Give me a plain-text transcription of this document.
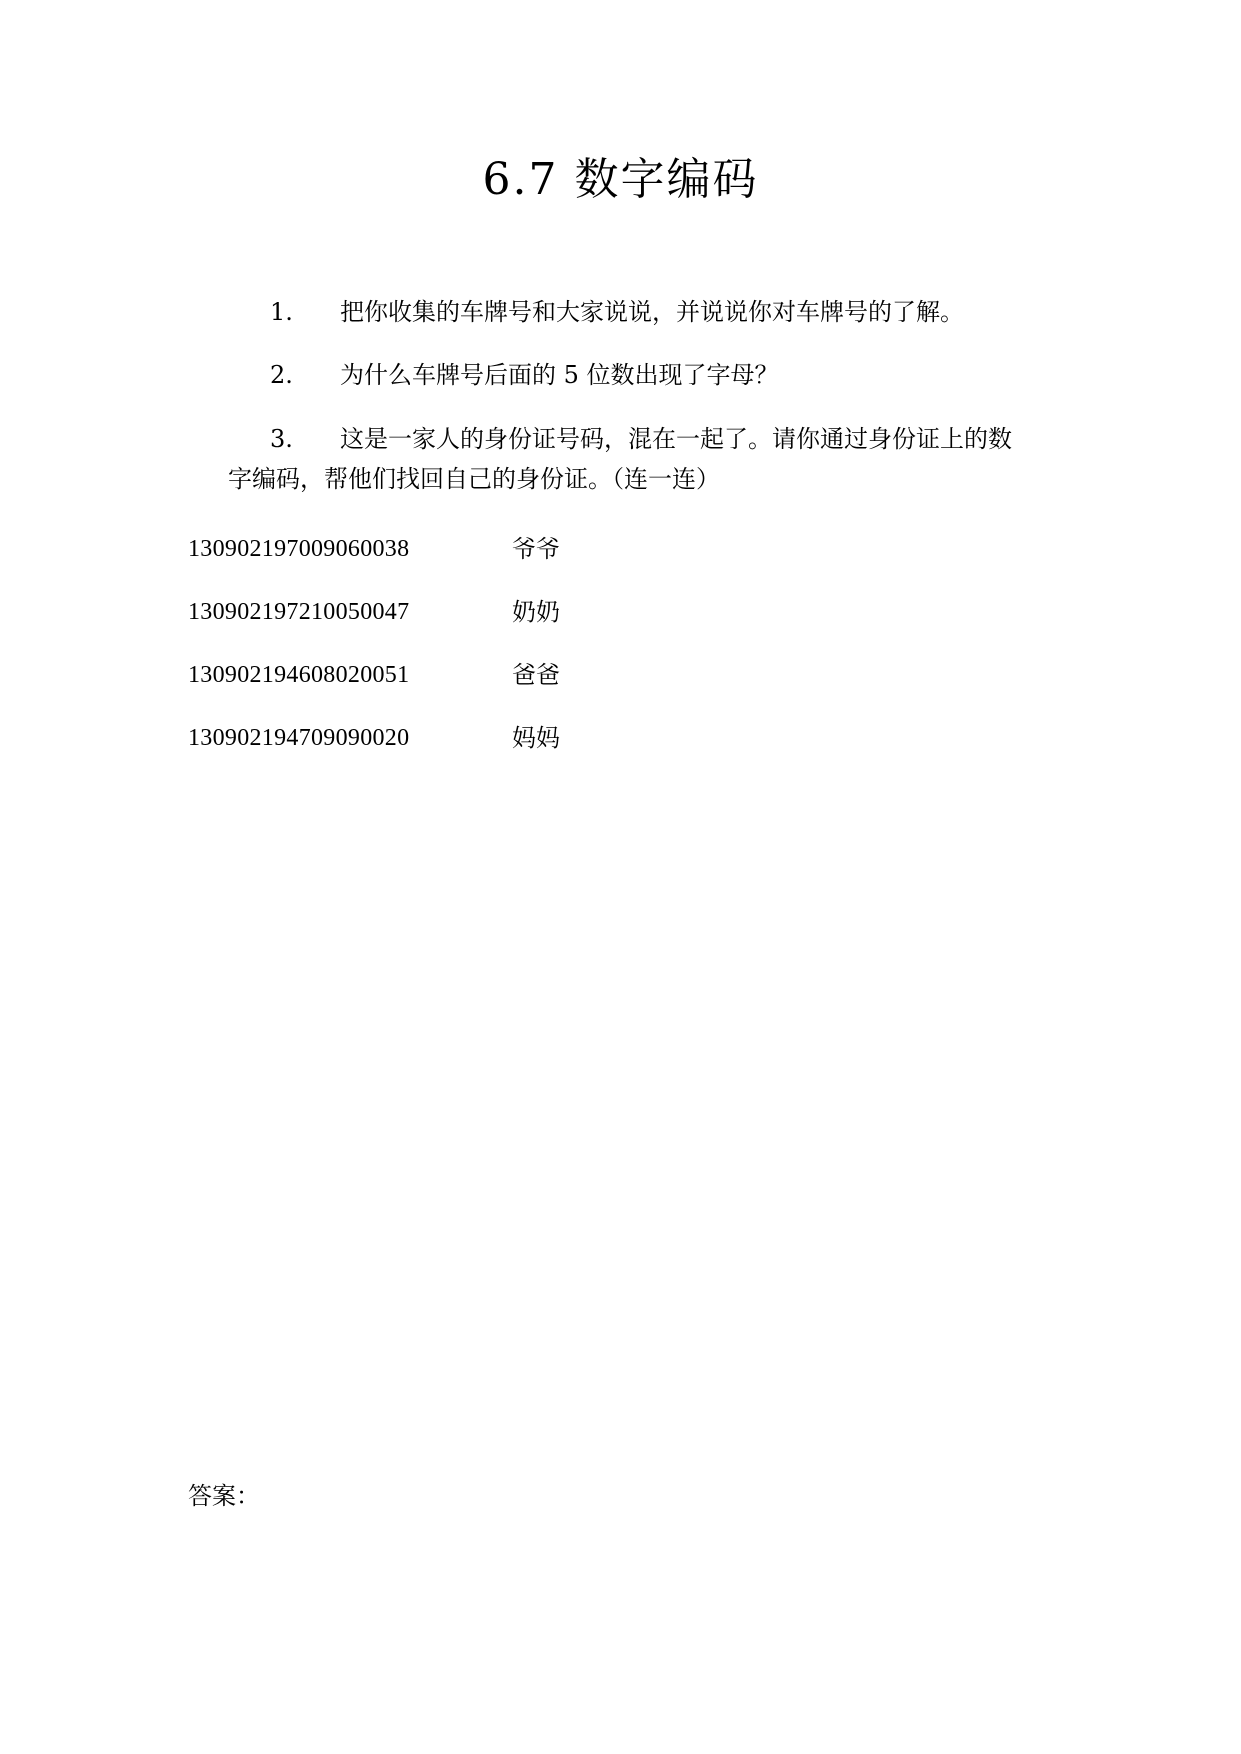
6.7 数字编码
1.	把你收集的车牌号和大家说说，并说说你对车牌号的了解。
2.	为什么车牌号后面的 5 位数出现了字母？
3.	这是一家人的身份证号码，混在一起了。请你通过身份证上的数
字编码，帮他们找回自己的身份证。（连一连）
130902197009060038	爷爷
130902197210050047	奶奶
130902194608020051	爸爸
130902194709090020	妈妈
答案：
